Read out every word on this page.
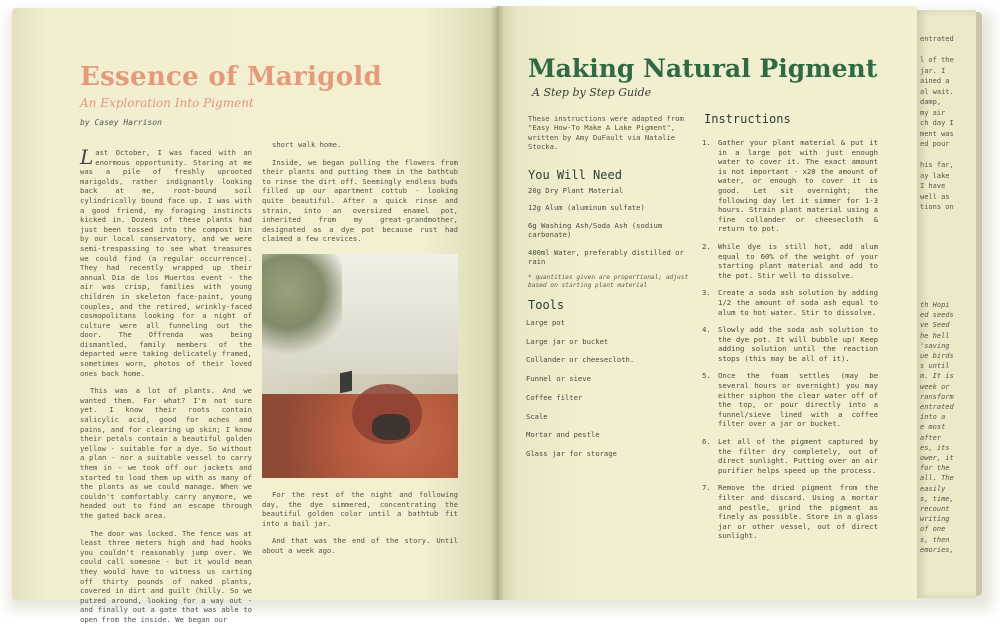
entrated

l of the
jar. I
ained a
al wait.
damp,
my air
ch day I
ment was
ed pour

his far,
ay lake
I have
well as
tions on
th Hopi
ed seeds
ve Seed
he hell
'saving
ue birds
s until
m. It is
week or
ransform
entrated
into a
e most
after
es, its
ower, it
for the
all. The
easily
s, time,
recount
writing
of one
s, then
emories,
Essence of Marigold
An Exploration Into Pigment
by Casey Harrison

Last October, I was faced with an enormous opportunity. Staring at me was a pile of freshly uprooted marigolds, rather indignantly looking back at me, root-bound soil cylindrically bound face up. I was with a good friend, my foraging instincts kicked in. Dozens of these plants had just been tossed into the compost bin by our local conservatory, and we were semi-trespassing to see what treasures we could find (a regular occurrence). They had recently wrapped up their annual Dia de los Muertos event - the air was crisp, families with young children in skeleton face-paint, young couples, and the retired, wrinkly-faced cosmopolitans looking for a night of culture were all funneling out the door. The Offrenda was being dismantled, family members of the departed were taking delicately framed, sometimes worn, photos of their loved ones back home.

This was a lot of plants. And we wanted them. For what? I'm not sure yet. I know their roots contain salicylic acid, good for aches and pains, and for clearing up skin; I know their petals contain a beautiful golden yellow - suitable for a dye. So without a plan - nor a suitable vessel to carry them in - we took off our jackets and started to load them up with as many of the plants as we could manage. When we couldn't comfortably carry anymore, we headed out to find an escape through the gated back area.

The door was locked. The fence was at least three meters high and had hooks you couldn't reasonably jump over. We could call someone - but it would mean they would have to witness us carting off thirty pounds of naked plants, covered in dirt and guilt (hilly. So we putzed around, looking for a way out - and finally out a gate that was able to open from the inside. We began our

short walk home.

Inside, we began pulling the flowers from their plants and putting them in the bathtub to rinse the dirt off. Seemingly endless buds filled up our apartment cottub - looking quite beautiful. After a quick rinse and strain, into an oversized enamel pot, inherited from my great-grandmother, designated as a dye pot because rust had claimed a few crevices.

For the rest of the night and following day, the dye simmered, concentrating the beautiful golden color until a bathtub fit into a bail jar.

And that was the end of the story. Until about a week ago.

Making Natural Pigment
A Step by Step Guide
These instructions were adapted from "Easy How-To Make A Lake Pigment", written by Amy DuFault via Natalie Stocka.
You Will Need
20g Dry Plant Material
12g Alum (aluminum sulfate)
6g Washing Ash/Soda Ash (sodium carbonate)
400ml Water, preferably distilled or rain
* quantities given are proportional; adjust based on starting plant material
Tools
Large pot
Large jar or bucket
Collander or cheesecloth.
Funnel or sieve
Coffee filter
Scale
Mortar and pestle
Glass jar for storage
Instructions
1. Gather your plant material & put it in a large pot with just enough water to cover it. The exact amount is not important - x20 the amount of water, or enough to cover it is good. Let sit overnight; the following day let it simmer for 1-3 hours. Strain plant material using a fine collander or cheesecloth & return to pot.
2. While dye is still hot, add alum equal to 60% of the weight of your starting plant material and add to the pot. Stir well to dissolve.
3. Create a soda ash solution by adding 1/2 the amount of soda ash equal to alum to hot water. Stir to dissolve.
4. Slowly add the soda ash solution to the dye pot. It will bubble up! Keep adding solution until the reaction stops (this may be all of it).
5. Once the foam settles (may be several hours or overnight) you may either siphon the clear water off of the top, or pour directly into a funnel/sieve lined with a coffee filter over a jar or bucket.
6. Let all of the pigment captured by the filter dry completely, out of direct sunlight. Putting over an air purifier helps speed up the process.
7. Remove the dried pigment from the filter and discard. Using a mortar and pestle, grind the pigment as finely as possible. Store in a glass jar or other vessel, out of direct sunlight.
